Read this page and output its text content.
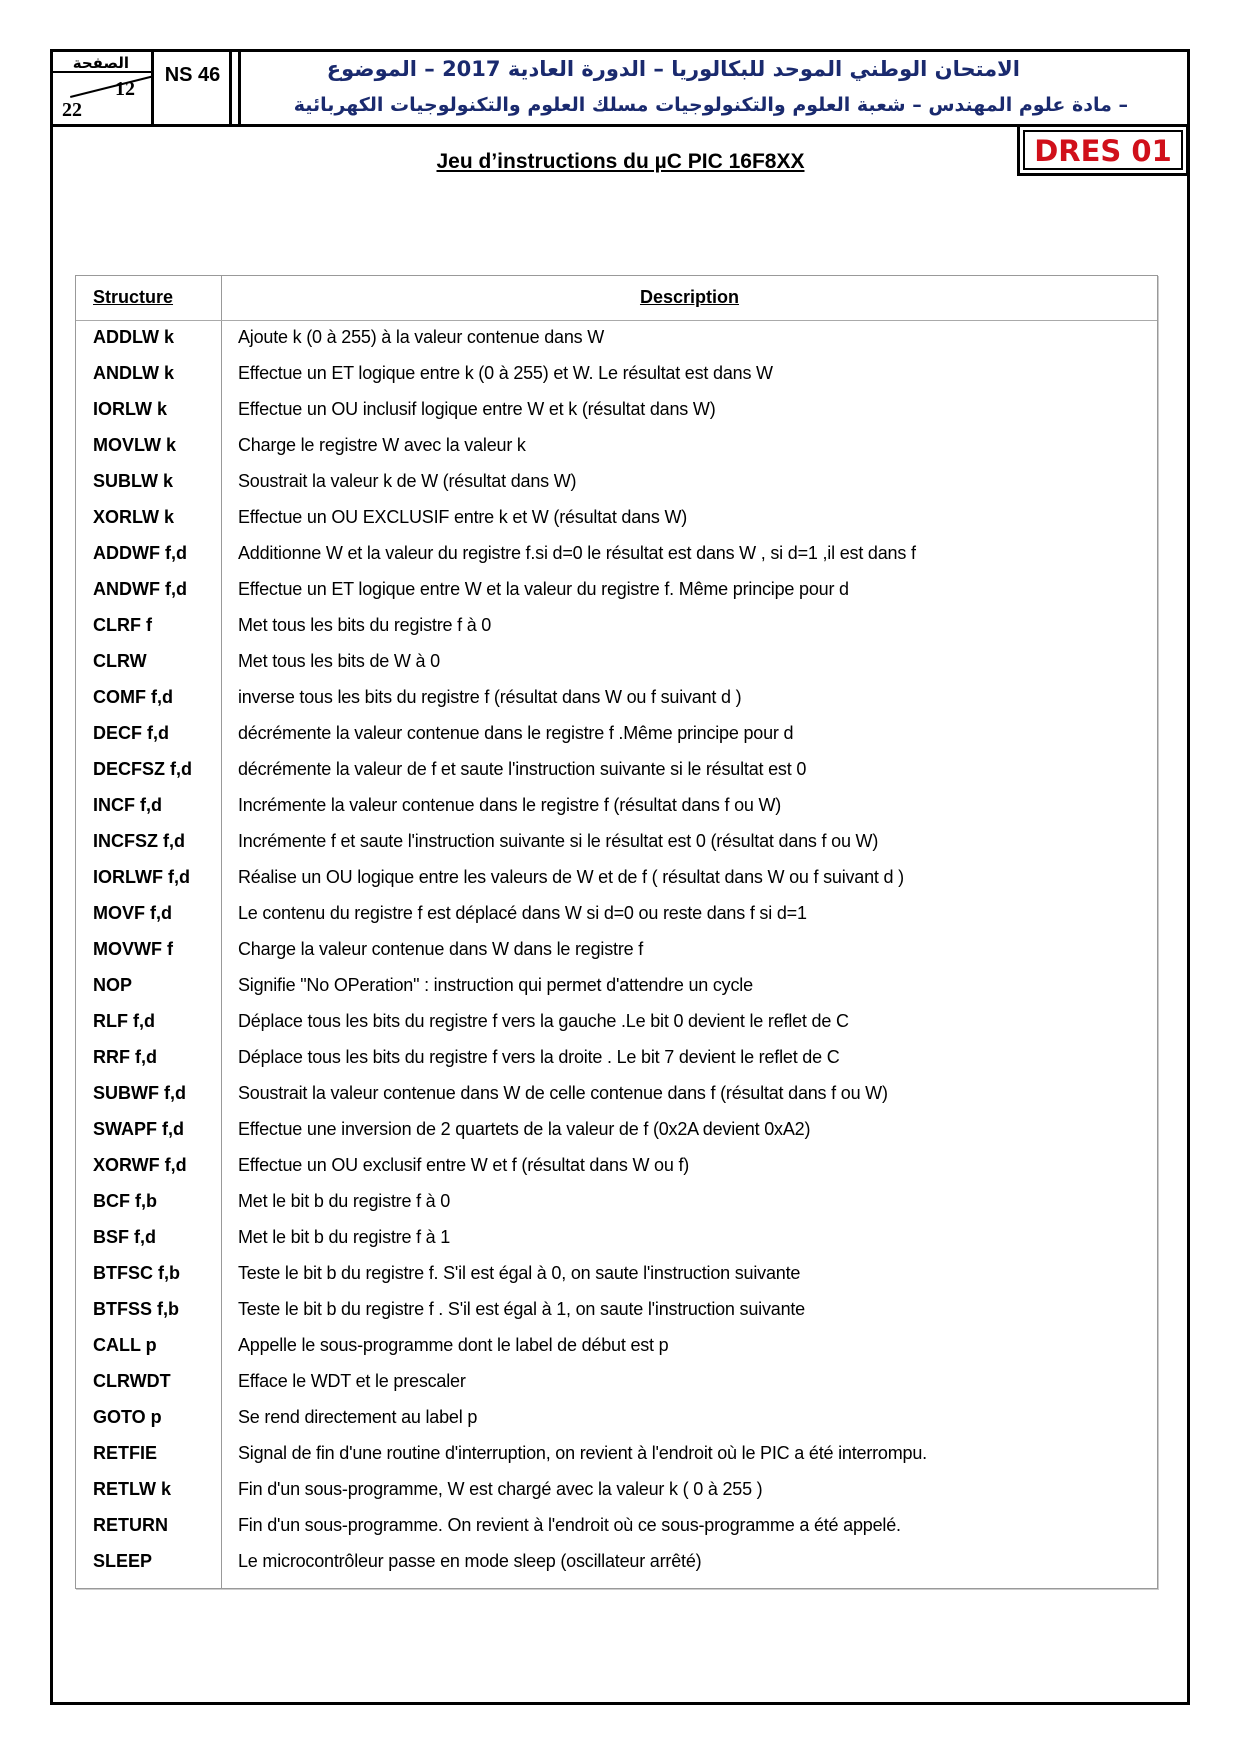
الصفحة
12
22
NS 46	الامتحان الوطني الموحد للبكالوريا – الدورة العادية 2017 – الموضوع
– مادة علوم المهندس – شعبة العلوم والتكنولوجيات مسلك العلوم والتكنولوجيات الكهربائية
DRES 01
Jeu d’instructions du µC PIC 16F8XX
Structure	Description
ADDLW k	Ajoute k (0 à 255) à la valeur contenue dans W
ANDLW k	Effectue un ET logique entre k (0 à 255) et W. Le résultat est dans W
IORLW k	Effectue un OU inclusif logique entre W et k (résultat dans W)
MOVLW k	Charge le registre W avec la valeur k
SUBLW k	Soustrait la valeur k de W (résultat dans W)
XORLW k	Effectue un OU EXCLUSIF entre k et W (résultat dans W)
ADDWF f,d	Additionne W et la valeur du registre f.si d=0 le résultat est dans W , si d=1 ,il est dans f
ANDWF f,d	Effectue un ET logique entre W et la valeur du registre f. Même principe pour d
CLRF f	Met tous les bits du registre f à 0
CLRW	Met tous les bits de W à 0
COMF f,d	inverse tous les bits du registre f (résultat dans W ou f suivant d )
DECF f,d	décrémente la valeur contenue dans le registre f .Même principe pour d
DECFSZ f,d	décrémente la valeur de f et saute l'instruction suivante si le résultat est 0
INCF f,d	Incrémente la valeur contenue dans le registre f (résultat dans f ou W)
INCFSZ f,d	Incrémente f et saute l'instruction suivante si le résultat est 0 (résultat dans f ou W)
IORLWF f,d	Réalise un OU logique entre les valeurs de W et de f ( résultat dans W ou f suivant d )
MOVF f,d	Le contenu du registre f est déplacé dans W si d=0 ou reste dans f si d=1
MOVWF f	Charge la valeur contenue dans W dans le registre f
NOP	Signifie "No OPeration" : instruction qui permet d'attendre un cycle
RLF f,d	Déplace tous les bits du registre f vers la gauche .Le bit 0 devient le reflet de C
RRF f,d	Déplace tous les bits du registre f vers la droite . Le bit 7 devient le reflet de C
SUBWF f,d	Soustrait la valeur contenue dans W de celle contenue dans f (résultat dans f ou W)
SWAPF f,d	Effectue une inversion de 2 quartets de la valeur de f (0x2A devient 0xA2)
XORWF f,d	Effectue un OU exclusif entre W et f (résultat dans W ou f)
BCF f,b	Met le bit b du registre f à 0
BSF f,d	Met le bit b du registre f à 1
BTFSC f,b	Teste le bit b du registre f. S'il est égal à 0, on saute l'instruction suivante
BTFSS f,b	Teste le bit b du registre f . S'il est égal à 1, on saute l'instruction suivante
CALL p	Appelle le sous-programme dont le label de début est p
CLRWDT	Efface le WDT et le prescaler
GOTO p	Se rend directement au label p
RETFIE	Signal de fin d'une routine d'interruption, on revient à l'endroit où le PIC a été interrompu.
RETLW k	Fin d'un sous-programme, W est chargé avec la valeur k ( 0 à 255 )
RETURN	Fin d'un sous-programme. On revient à l'endroit où ce sous-programme a été appelé.
SLEEP	Le microcontrôleur passe en mode sleep (oscillateur arrêté)
